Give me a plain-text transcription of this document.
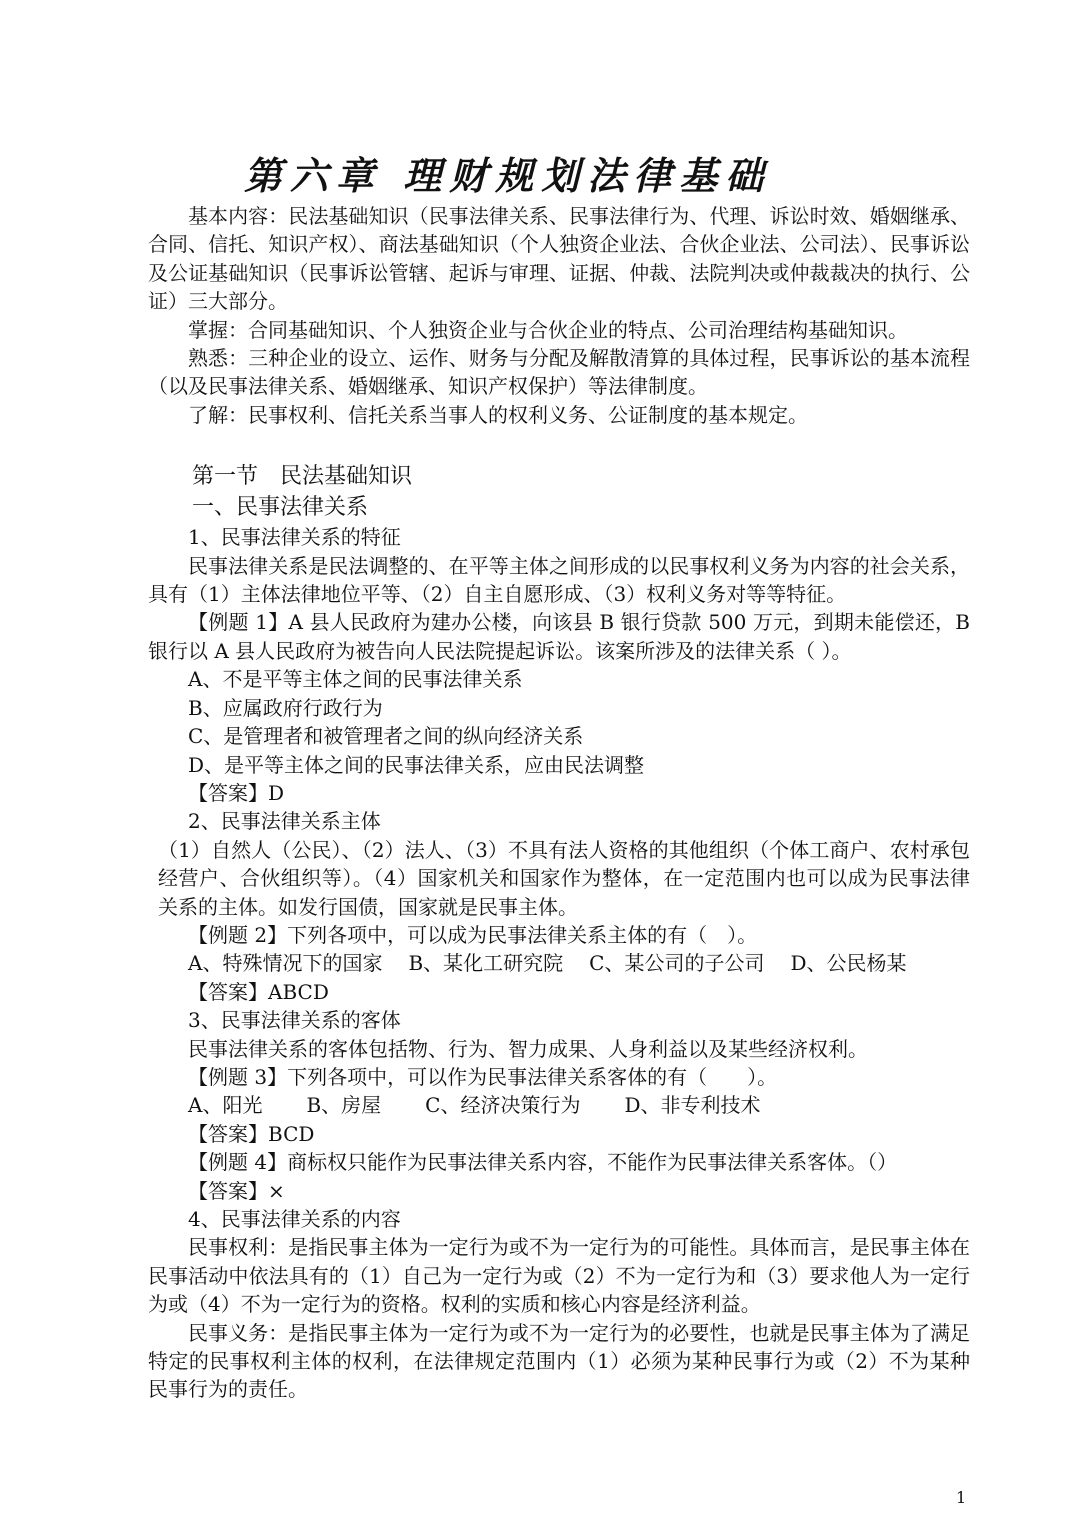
第六章 理财规划法律基础

基本内容：民法基础知识（民事法律关系、民事法律行为、代理、诉讼时效、婚姻继承、合同、信托、知识产权）、商法基础知识（个人独资企业法、合伙企业法、公司法）、民事诉讼及公证基础知识（民事诉讼管辖、起诉与审理、证据、仲裁、法院判决或仲裁裁决的执行、公证）三大部分。

掌握：合同基础知识、个人独资企业与合伙企业的特点、公司治理结构基础知识。

熟悉：三种企业的设立、运作、财务与分配及解散清算的具体过程，民事诉讼的基本流程（以及民事法律关系、婚姻继承、知识产权保护）等法律制度。

了解：民事权利、信托关系当事人的权利义务、公证制度的基本规定。

第一节　民法基础知识
一、民事法律关系

1、民事法律关系的特征

民事法律关系是民法调整的、在平等主体之间形成的以民事权利义务为内容的社会关系，具有（1）主体法律地位平等、（2）自主自愿形成、（3）权利义务对等等特征。

【例题 1】A 县人民政府为建办公楼，向该县 B 银行贷款 500 万元，到期未能偿还，B 银行以 A 县人民政府为被告向人民法院提起诉讼。该案所涉及的法律关系（ ）。

A、不是平等主体之间的民事法律关系

B、应属政府行政行为

C、是管理者和被管理者之间的纵向经济关系

D、是平等主体之间的民事法律关系，应由民法调整

【答案】D

2、民事法律关系主体

（1）自然人（公民）、（2）法人、（3）不具有法人资格的其他组织（个体工商户、农村承包经营户、合伙组织等）。（4）国家机关和国家作为整体，在一定范围内也可以成为民事法律关系的主体。如发行国债，国家就是民事主体。

【例题 2】下列各项中，可以成为民事法律关系主体的有（　）。

A、特殊情况下的国家 B、某化工研究院 C、某公司的子公司 D、公民杨某

【答案】ABCD

3、民事法律关系的客体

民事法律关系的客体包括物、行为、智力成果、人身利益以及某些经济权利。

【例题 3】下列各项中，可以作为民事法律关系客体的有（　　）。

A、阳光 B、房屋 C、经济决策行为 D、非专利技术

【答案】BCD

【例题 4】商标权只能作为民事法律关系内容，不能作为民事法律关系客体。（）

【答案】×

4、民事法律关系的内容

民事权利：是指民事主体为一定行为或不为一定行为的可能性。具体而言，是民事主体在民事活动中依法具有的（1）自己为一定行为或（2）不为一定行为和（3）要求他人为一定行为或（4）不为一定行为的资格。权利的实质和核心内容是经济利益。

民事义务：是指民事主体为一定行为或不为一定行为的必要性，也就是民事主体为了满足特定的民事权利主体的权利，在法律规定范围内（1）必须为某种民事行为或（2）不为某种民事行为的责任。

1
